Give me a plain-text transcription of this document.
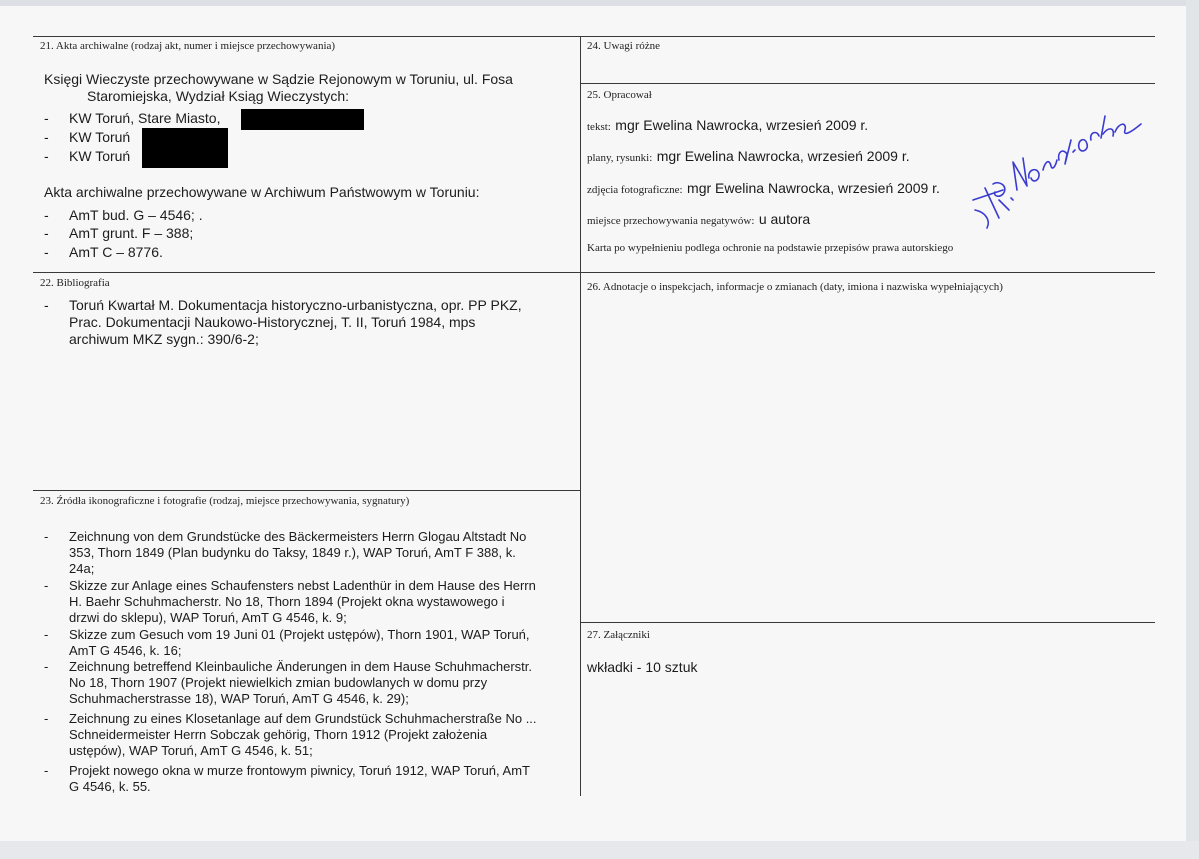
21. Akta archiwalne (rodzaj akt, numer i miejsce przechowywania)
Księgi Wieczyste przechowywane w Sądzie Rejonowym w Toruniu, ul. Fosa
Staromiejska, Wydział Ksiąg Wieczystych:
- KW Toruń, Stare Miasto,
- KW Toruń
- KW Toruń
Akta archiwalne przechowywane w Archiwum Państwowym w Toruniu:
- AmT bud. G – 4546; .
- AmT grunt. F – 388;
- AmT C – 8776.
22. Bibliografia
- Toruń Kwartał M. Dokumentacja historyczno-urbanistyczna, opr. PP PKZ,
Prac. Dokumentacji Naukowo-Historycznej, T. II, Toruń 1984, mps
archiwum MKZ sygn.: 390/6-2;
23. Źródła ikonograficzne i fotografie (rodzaj, miejsce przechowywania, sygnatury)
- Zeichnung von dem Grundstücke des Bäckermeisters Herrn Glogau Altstadt No
353, Thorn 1849 (Plan budynku do Taksy, 1849 r.), WAP Toruń, AmT F 388, k.
24a;
- Skizze zur Anlage eines Schaufensters nebst Ladenthür in dem Hause des Herrn
H. Baehr Schuhmacherstr. No 18, Thorn 1894 (Projekt okna wystawowego i
drzwi do sklepu), WAP Toruń, AmT G 4546, k. 9;
- Skizze zum Gesuch vom 19 Juni 01 (Projekt ustępów), Thorn 1901, WAP Toruń,
AmT G 4546, k. 16;
- Zeichnung betreffend Kleinbauliche Änderungen in dem Hause Schuhmacherstr.
No 18, Thorn 1907 (Projekt niewielkich zmian budowlanych w domu przy
Schuhmacherstrasse 18), WAP Toruń, AmT G 4546, k. 29);
- Zeichnung zu eines Klosetanlage auf dem Grundstück Schuhmacherstraße No ...
Schneidermeister Herrn Sobczak gehörig, Thorn 1912 (Projekt założenia
ustępów), WAP Toruń, AmT G 4546, k. 51;
- Projekt nowego okna w murze frontowym piwnicy, Toruń 1912, WAP Toruń, AmT
G 4546, k. 55.
24. Uwagi różne
25. Opracował
tekst: mgr Ewelina Nawrocka, wrzesień 2009 r.
plany, rysunki: mgr Ewelina Nawrocka, wrzesień 2009 r.
zdjęcia fotograficzne: mgr Ewelina Nawrocka, wrzesień 2009 r.
miejsce przechowywania negatywów: u autora
Karta po wypełnieniu podlega ochronie na podstawie przepisów prawa autorskiego
26. Adnotacje o inspekcjach, informacje o zmianach (daty, imiona i nazwiska wypełniających)
27. Załączniki
wkładki - 10 sztuk
